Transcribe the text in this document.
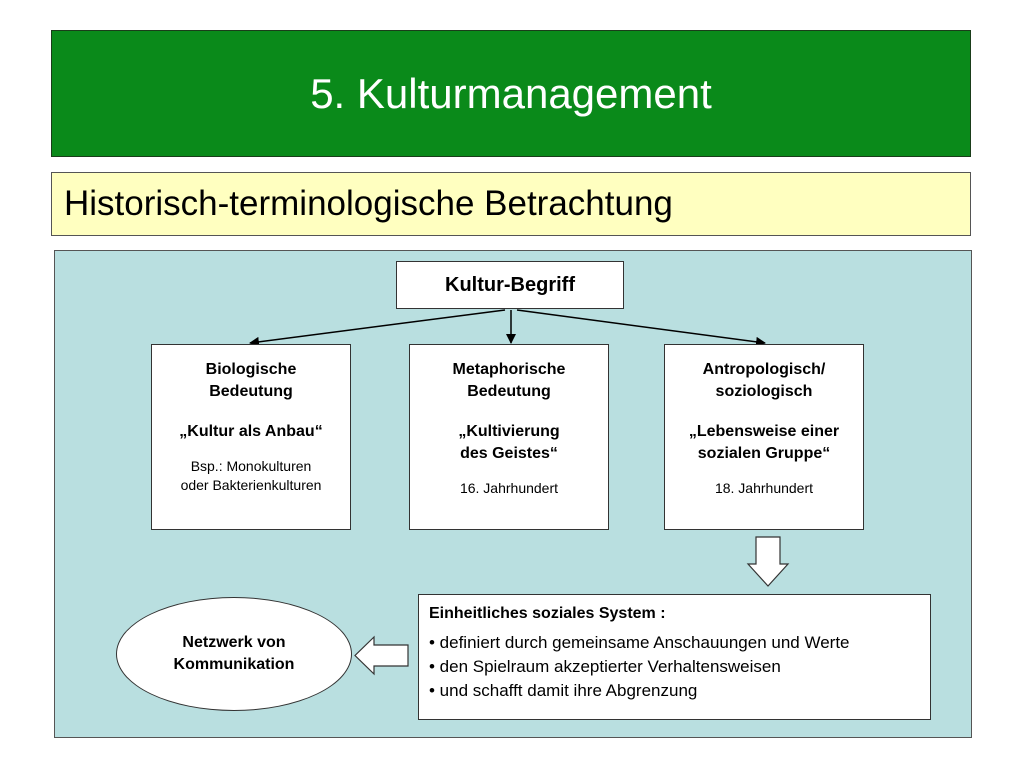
5. Kulturmanagement
Historisch-terminologische Betrachtung
Kultur-Begriff
Biologische
Bedeutung
„Kultur als Anbau“
Bsp.: Monokulturen
oder Bakterienkulturen
Metaphorische
Bedeutung
„Kultivierung
des Geistes“
16. Jahrhundert
Antropologisch/
soziologisch
„Lebensweise einer
sozialen Gruppe“
18. Jahrhundert
Einheitliches soziales System :
• definiert durch gemeinsame Anschauungen und Werte
• den Spielraum akzeptierter Verhaltensweisen
• und schafft damit ihre Abgrenzung
Netzwerk von
Kommunikation
